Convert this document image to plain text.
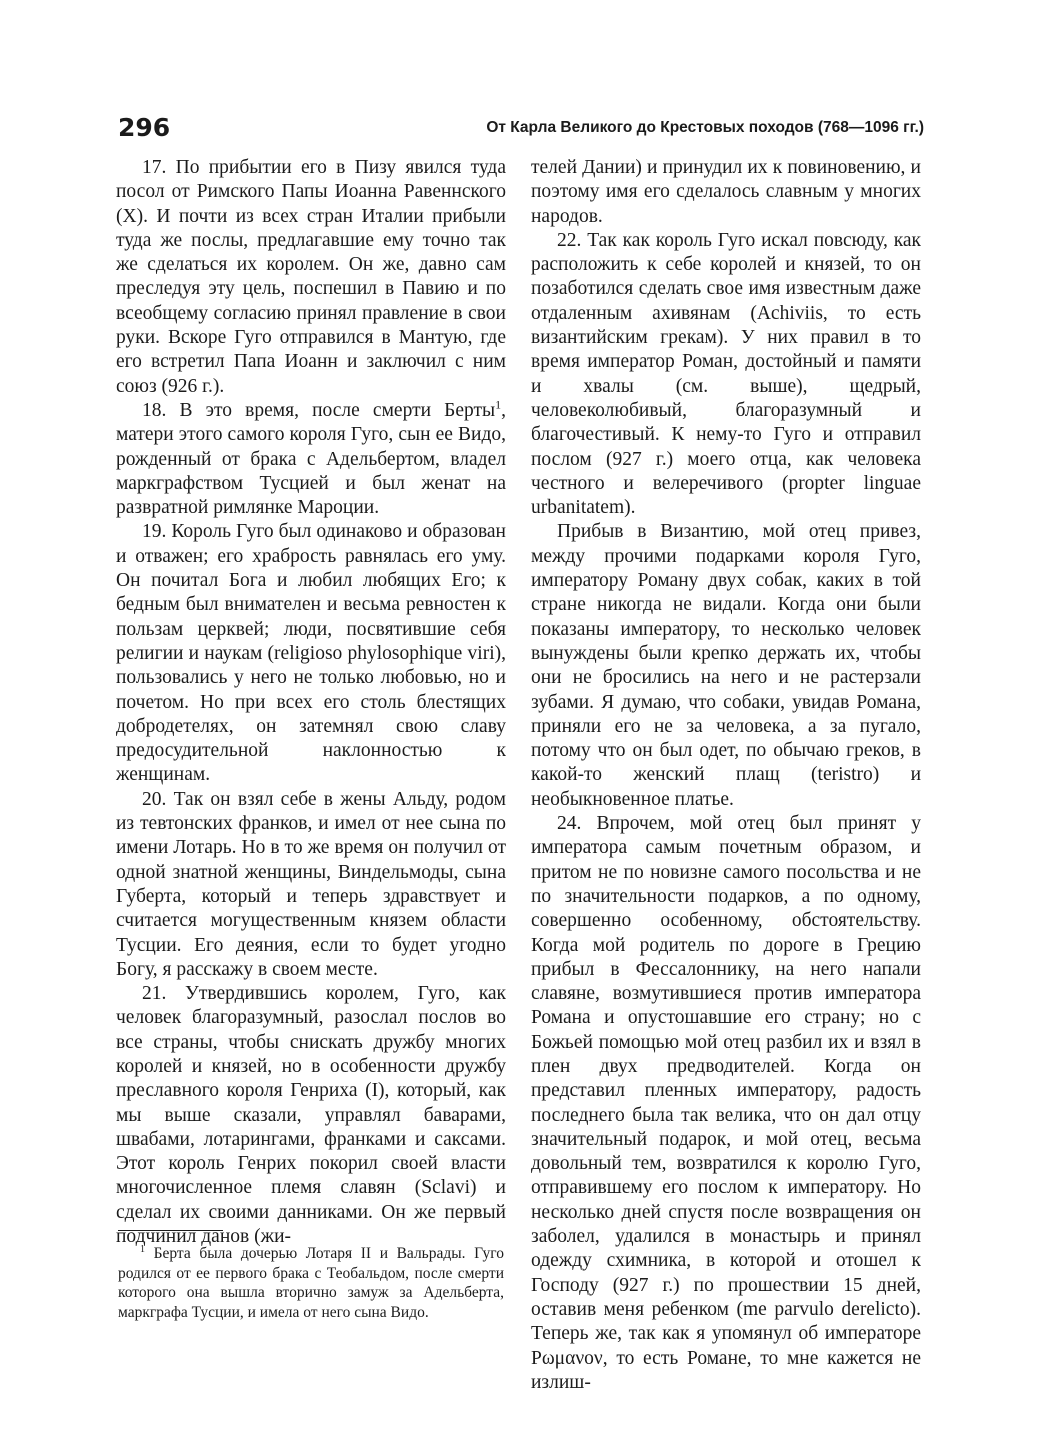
296	От Карла Великого до Крестовых походов (768—1096 гг.)

17. По прибытии его в Пизу явился туда посол от Римского Папы Иоанна Равеннского (X). И почти из всех стран Италии прибыли туда же послы, предлагавшие ему точно так же сделаться их королем. Он же, давно сам преследуя эту цель, поспешил в Павию и по всеобщему согласию принял правление в свои руки. Вскоре Гуго отправился в Мантую, где его встретил Папа Иоанн и заключил с ним союз (926 г.).

18. В это время, после смерти Берты$^1$, матери этого самого короля Гуго, сын ее Видо, рожденный от брака с Адельбертом, владел маркграфством Тусцией и был женат на развратной римлянке Мароции.

19. Король Гуго был одинаково и образован и отважен; его храбрость равнялась его уму. Он почитал Бога и любил любящих Его; к бедным был внимателен и весьма ревностен к пользам церквей; люди, посвятившие себя религии и наукам (religioso phylosophique viri), пользовались у него не только любовью, но и почетом. Но при всех его столь блестящих добродетелях, он затемнял свою славу предосудительной наклонностью к женщинам.

20. Так он взял себе в жены Альду, родом из тевтонских франков, и имел от нее сына по имени Лотарь. Но в то же время он получил от одной знатной женщины, Виндельмоды, сына Губерта, который и теперь здравствует и считается могущественным князем области Тусции. Его деяния, если то будет угодно Богу, я расскажу в своем месте.

21. Утвердившись королем, Гуго, как человек благоразумный, разослал послов во все страны, чтобы снискать дружбу многих королей и князей, но в особенности дружбу преславного короля Генриха (I), который, как мы выше сказали, управлял баварами, швабами, лотарингами, франками и саксами. Этот король Генрих покорил своей власти многочисленное племя славян (Sclavi) и сделал их своими данниками. Он же первый подчинил данов (жи-

$^1$ Берта была дочерью Лотаря II и Вальрады. Гуго родился от ее первого брака с Теобальдом, после смерти которого она вышла вторично замуж за Адельберта, маркграфа Тусции, и имела от него сына Видо.

телей Дании) и принудил их к повиновению, и поэтому имя его сделалось славным у многих народов.

22. Так как король Гуго искал повсюду, как расположить к себе королей и князей, то он позаботился сделать свое имя известным даже отдаленным ахивянам (Achiviis, то есть византийским грекам). У них правил в то время император Роман, достойный и памяти и хвалы (см. выше), щедрый, человеколюбивый, благоразумный и благочестивый. К нему-то Гуго и отправил послом (927 г.) моего отца, как человека честного и велеречивого (propter linguae urbanitatem).

Прибыв в Византию, мой отец привез, между прочими подарками короля Гуго, императору Роману двух собак, каких в той стране никогда не видали. Когда они были показаны императору, то несколько человек вынуждены были крепко держать их, чтобы они не бросились на него и не растерзали зубами. Я думаю, что собаки, увидав Романа, приняли его не за человека, а за пугало, потому что он был одет, по обычаю греков, в какой-то женский плащ (teristro) и необыкновенное платье.

24. Впрочем, мой отец был принят у императора самым почетным образом, и притом не по новизне самого посольства и не по значительности подарков, а по одному, совершенно особенному, обстоятельству. Когда мой родитель по дороге в Грецию прибыл в Фессалоннику, на него напали славяне, возмутившиеся против императора Романа и опустошавшие его страну; но с Божьей помощью мой отец разбил их и взял в плен двух предводителей. Когда он представил пленных императору, радость последнего была так велика, что он дал отцу значительный подарок, и мой отец, весьма довольный тем, возвратился к королю Гуго, отправившему его послом к императору. Но несколько дней спустя после возвращения он заболел, удалился в монастырь и принял одежду схимника, в которой и отошел к Господу (927 г.) по прошествии 15 дней, оставив меня ребенком (me parvulo derelicto). Теперь же, так как я упомянул об императоре Ρωμανον, то есть Романе, то мне кажется не излиш-
